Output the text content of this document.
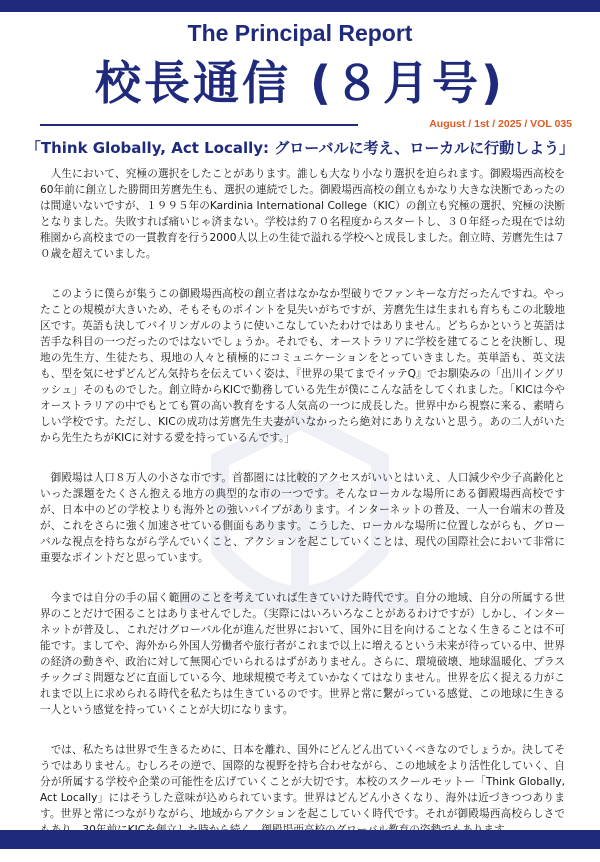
The Principal Report
校長通信 (８月号)
August / 1st / 2025 / VOL 035
「Think Globally, Act Locally: グローバルに考え、ローカルに行動しよう」

人生において、究極の選択をしたことがあります。誰しも大なり小なり選択を迫られます。御殿場西高校を60年前に創立した勝間田芳麿先生も、選択の連続でした。御殿場西高校の創立もかなり大きな決断であったのは間違いないですが、１９９５年のKardinia International College（KIC）の創立も究極の選択、究極の決断となりました。失敗すれば痛いじゃ済まない。学校は約７０名程度からスタートし、３０年経った現在では幼稚園から高校までの一貫教育を行う2000人以上の生徒で溢れる学校へと成長しました。創立時、芳麿先生は７０歳を超えていました。

このように僕らが集うこの御殿場西高校の創立者はなかなか型破りでファンキーな方だったんですね。やったことの規模が大きいため、そもそものポイントを見失いがちですが、芳麿先生は生まれも育ちもこの北駿地区です。英語も決してバイリンガルのように使いこなしていたわけではありません。どちらかというと英語は苦手な科目の一つだったのではないでしょうか。それでも、オーストラリアに学校を建てることを決断し、現地の先生方、生徒たち、現地の人々と積極的にコミュニケーションをとっていきました。英単語も、英文法も、型を気にせずどんどん気持ちを伝えていく姿は、『世界の果てまでイッテQ』でお馴染みの「出川イングリッシュ」そのものでした。創立時からKICで勤務している先生が僕にこんな話をしてくれました。「KICは今やオーストラリアの中でもとても質の高い教育をする人気高の一つに成長した。世界中から視察に来る、素晴らしい学校です。ただし、KICの成功は芳麿先生夫妻がいなかったら絶対にありえないと思う。あの二人がいたから先生たちがKICに対する愛を持っているんです。」

御殿場は人口８万人の小さな市です。首都圏には比較的アクセスがいいとはいえ、人口減少や少子高齢化といった課題をたくさん抱える地方の典型的な市の一つです。そんなローカルな場所にある御殿場西高校ですが、日本中のどの学校よりも海外との強いパイプがあります。インターネットの普及、一人一台端末の普及が、これをさらに強く加速させている側面もあります。こうした、ローカルな場所に位置しながらも、グローバルな視点を持ちながら学んでいくこと、アクションを起こしていくことは、現代の国際社会において非常に重要なポイントだと思っています。

今までは自分の手の届く範囲のことを考えていれば生きていけた時代です。自分の地域、自分の所属する世界のことだけで困ることはありませんでした。（実際にはいろいろなことがあるわけですが）しかし、インターネットが普及し、これだけグローバル化が進んだ世界において、国外に目を向けることなく生きることは不可能です。ましてや、海外から外国人労働者や旅行者がこれまで以上に増えるという未来が待っている中、世界の経済の動きや、政治に対して無関心でいられるはずがありません。さらに、環境破壊、地球温暖化、プラスチックゴミ問題などに直面している今、地球規模で考えていかなくてはなりません。世界を広く捉える力がこれまで以上に求められる時代を私たちは生きているのです。世界と常に繋がっている感覚、この地球に生きる一人という感覚を持っていくことが大切になります。

では、私たちは世界で生きるために、日本を離れ、国外にどんどん出ていくべきなのでしょうか。決してそうではありません。むしろその逆で、国際的な視野を持ち合わせながら、この地域をより活性化していく、自分が所属する学校や企業の可能性を広げていくことが大切です。本校のスクールモットー「Think Globally, Act Locally」にはそうした意味が込められています。世界はどんどん小さくなり、海外は近づきつつあります。世界と常につながりながら、地域からアクションを起こしていく時代です。それが御殿場西高校らしさで
